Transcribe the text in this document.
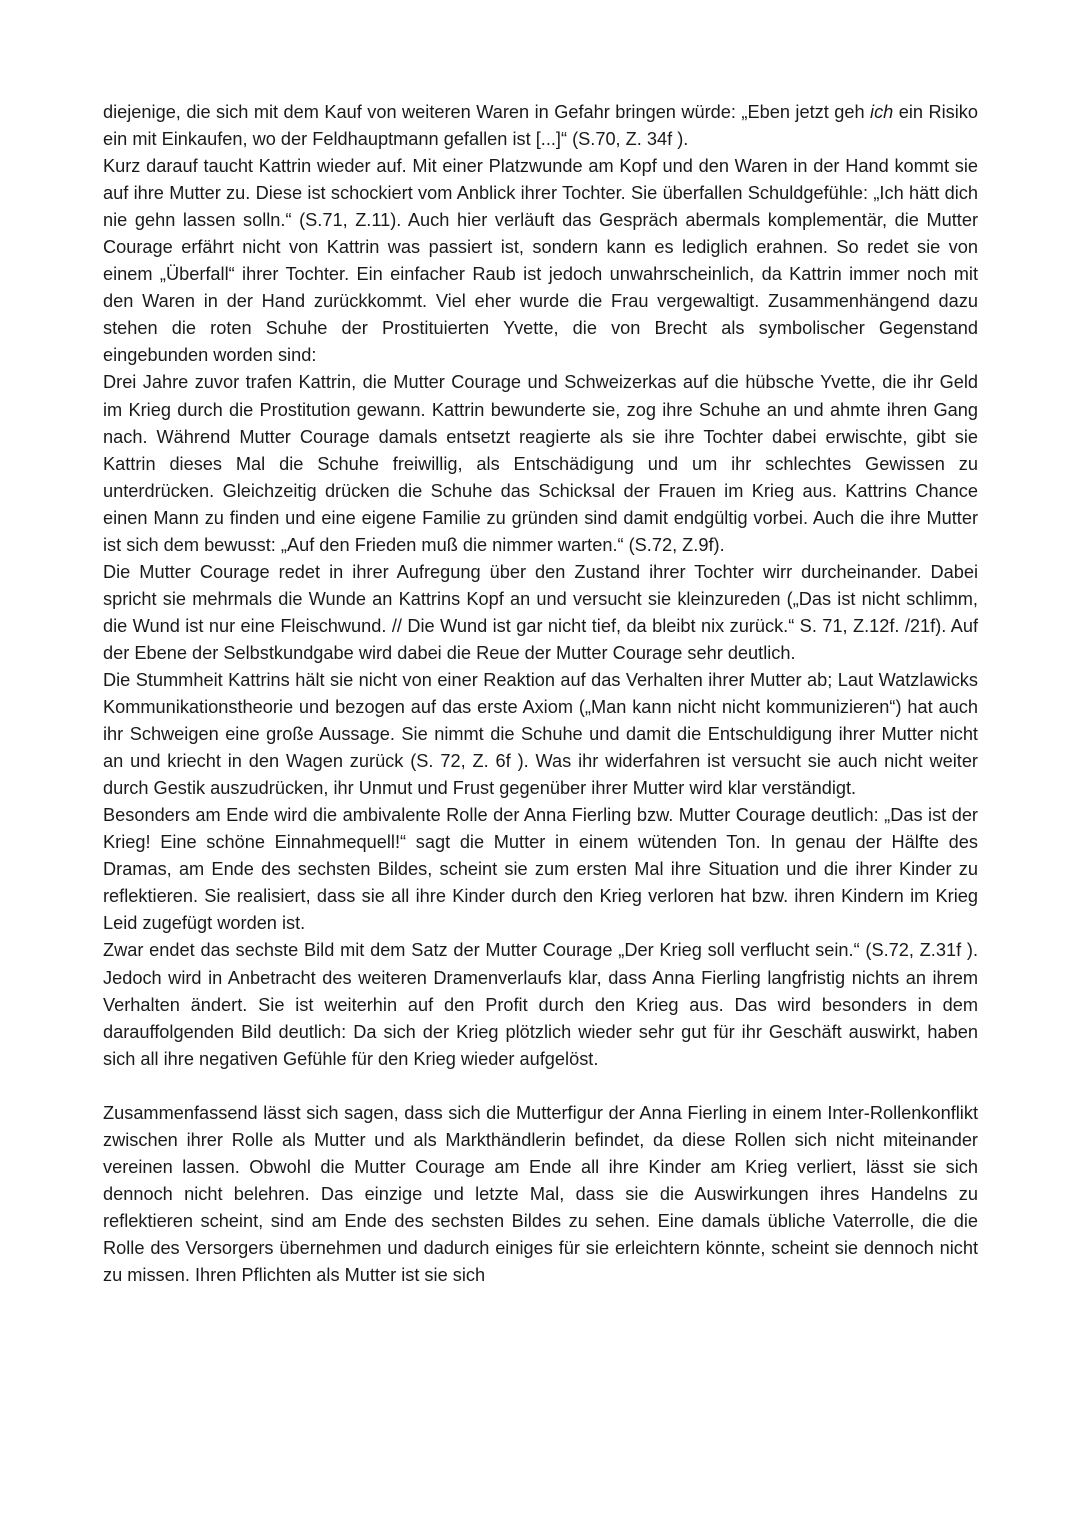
diejenige, die sich mit dem Kauf von weiteren Waren in Gefahr bringen würde: „Eben jetzt geh ich ein Risiko ein mit Einkaufen, wo der Feldhauptmann gefallen ist [...]“ (S.70, Z. 34f ).

Kurz darauf taucht Kattrin wieder auf. Mit einer Platzwunde am Kopf und den Waren in der Hand kommt sie auf ihre Mutter zu. Diese ist schockiert vom Anblick ihrer Tochter. Sie überfallen Schuldgefühle: „Ich hätt dich nie gehn lassen solln.“ (S.71, Z.11). Auch hier verläuft das Gespräch abermals komplementär, die Mutter Courage erfährt nicht von Kattrin was passiert ist, sondern kann es lediglich erahnen. So redet sie von einem „Überfall“ ihrer Tochter. Ein einfacher Raub ist jedoch unwahrscheinlich, da Kattrin immer noch mit den Waren in der Hand zurückkommt. Viel eher wurde die Frau vergewaltigt. Zusammenhängend dazu stehen die roten Schuhe der Prostituierten Yvette, die von Brecht als symbolischer Gegenstand eingebunden worden sind:

Drei Jahre zuvor trafen Kattrin, die Mutter Courage und Schweizerkas auf die hübsche Yvette, die ihr Geld im Krieg durch die Prostitution gewann. Kattrin bewunderte sie, zog ihre Schuhe an und ahmte ihren Gang nach. Während Mutter Courage damals entsetzt reagierte als sie ihre Tochter dabei erwischte, gibt sie Kattrin dieses Mal die Schuhe freiwillig, als Entschädigung und um ihr schlechtes Gewissen zu unterdrücken. Gleichzeitig drücken die Schuhe das Schicksal der Frauen im Krieg aus. Kattrins Chance einen Mann zu finden und eine eigene Familie zu gründen sind damit endgültig vorbei. Auch die ihre Mutter ist sich dem bewusst: „Auf den Frieden muß die nimmer warten.“ (S.72, Z.9f).

Die Mutter Courage redet in ihrer Aufregung über den Zustand ihrer Tochter wirr durcheinander. Dabei spricht sie mehrmals die Wunde an Kattrins Kopf an und versucht sie kleinzureden („Das ist nicht schlimm, die Wund ist nur eine Fleischwund. // Die Wund ist gar nicht tief, da bleibt nix zurück.“ S. 71, Z.12f. /21f). Auf der Ebene der Selbstkundgabe wird dabei die Reue der Mutter Courage sehr deutlich.

Die Stummheit Kattrins hält sie nicht von einer Reaktion auf das Verhalten ihrer Mutter ab; Laut Watzlawicks Kommunikationstheorie und bezogen auf das erste Axiom („Man kann nicht nicht kommunizieren“) hat auch ihr Schweigen eine große Aussage. Sie nimmt die Schuhe und damit die Entschuldigung ihrer Mutter nicht an und kriecht in den Wagen zurück (S. 72, Z. 6f ). Was ihr widerfahren ist versucht sie auch nicht weiter durch Gestik auszudrücken, ihr Unmut und Frust gegenüber ihrer Mutter wird klar verständigt.

Besonders am Ende wird die ambivalente Rolle der Anna Fierling bzw. Mutter Courage deutlich: „Das ist der Krieg! Eine schöne Einnahmequell!“ sagt die Mutter in einem wütenden Ton. In genau der Hälfte des Dramas, am Ende des sechsten Bildes, scheint sie zum ersten Mal ihre Situation und die ihrer Kinder zu reflektieren. Sie realisiert, dass sie all ihre Kinder durch den Krieg verloren hat bzw. ihren Kindern im Krieg Leid zugefügt worden ist.

Zwar endet das sechste Bild mit dem Satz der Mutter Courage „Der Krieg soll verflucht sein.“ (S.72, Z.31f ). Jedoch wird in Anbetracht des weiteren Dramenverlaufs klar, dass Anna Fierling langfristig nichts an ihrem Verhalten ändert. Sie ist weiterhin auf den Profit durch den Krieg aus. Das wird besonders in dem darauffolgenden Bild deutlich: Da sich der Krieg plötzlich wieder sehr gut für ihr Geschäft auswirkt, haben sich all ihre negativen Gefühle für den Krieg wieder aufgelöst.

Zusammenfassend lässt sich sagen, dass sich die Mutterfigur der Anna Fierling in einem Inter-Rollenkonflikt zwischen ihrer Rolle als Mutter und als Markthändlerin befindet, da diese Rollen sich nicht miteinander vereinen lassen. Obwohl die Mutter Courage am Ende all ihre Kinder am Krieg verliert, lässt sie sich dennoch nicht belehren. Das einzige und letzte Mal, dass sie die Auswirkungen ihres Handelns zu reflektieren scheint, sind am Ende des sechsten Bildes zu sehen. Eine damals übliche Vaterrolle, die die Rolle des Versorgers übernehmen und dadurch einiges für sie erleichtern könnte, scheint sie dennoch nicht zu missen. Ihren Pflichten als Mutter ist sie sich
